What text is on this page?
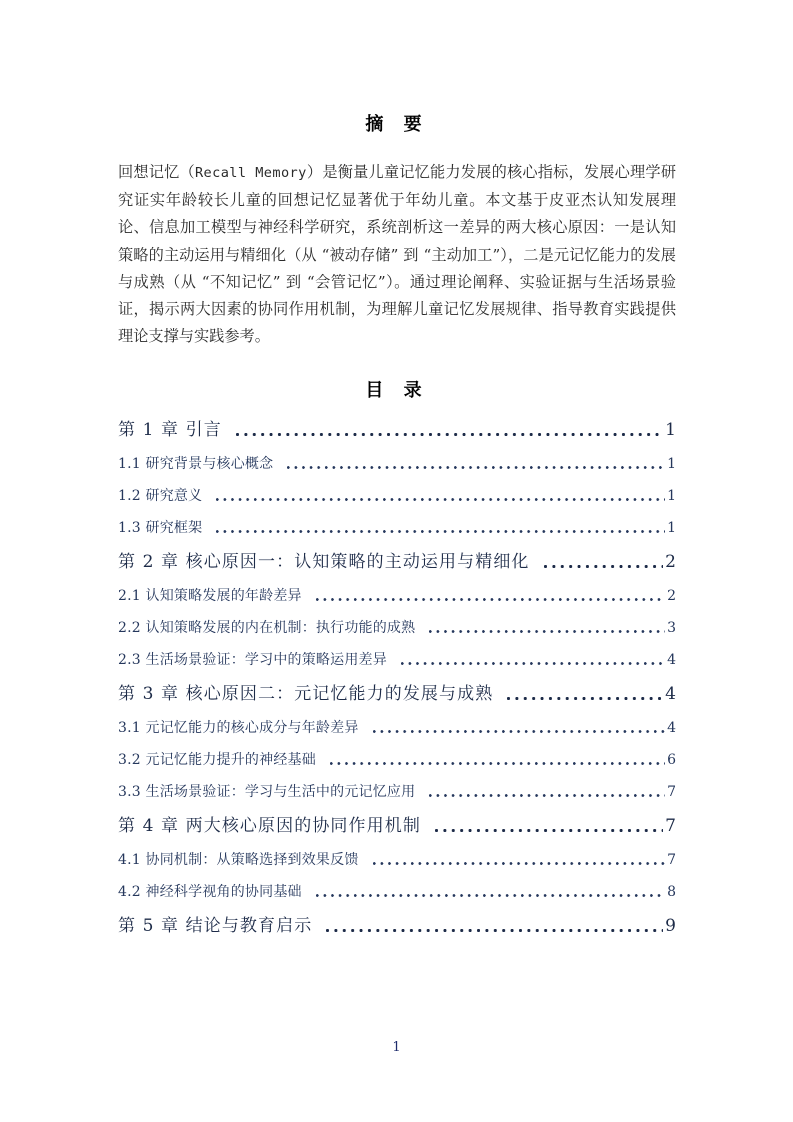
摘 要

回想记忆（Recall Memory）是衡量儿童记忆能力发展的核心指标，发展心理学研究证实年龄较长儿童的回想记忆显著优于年幼儿童。本文基于皮亚杰认知发展理论、信息加工模型与神经科学研究，系统剖析这一差异的两大核心原因：一是认知策略的主动运用与精细化（从 “被动存储” 到 “主动加工”），二是元记忆能力的发展与成熟（从 “不知记忆” 到 “会管记忆”）。通过理论阐释、实验证据与生活场景验证，揭示两大因素的协同作用机制，为理解儿童记忆发展规律、指导教育实践提供理论支撑与实践参考。

目 录
第 1 章 引言	1
1.1 研究背景与核心概念	1
1.2 研究意义	1
1.3 研究框架	1
第 2 章 核心原因一：认知策略的主动运用与精细化	2
2.1 认知策略发展的年龄差异	2
2.2 认知策略发展的内在机制：执行功能的成熟	3
2.3 生活场景验证：学习中的策略运用差异	4
第 3 章 核心原因二：元记忆能力的发展与成熟	4
3.1 元记忆能力的核心成分与年龄差异	4
3.2 元记忆能力提升的神经基础	6
3.3 生活场景验证：学习与生活中的元记忆应用	7
第 4 章 两大核心原因的协同作用机制	7
4.1 协同机制：从策略选择到效果反馈	7
4.2 神经科学视角的协同基础	8
第 5 章 结论与教育启示	9
1
